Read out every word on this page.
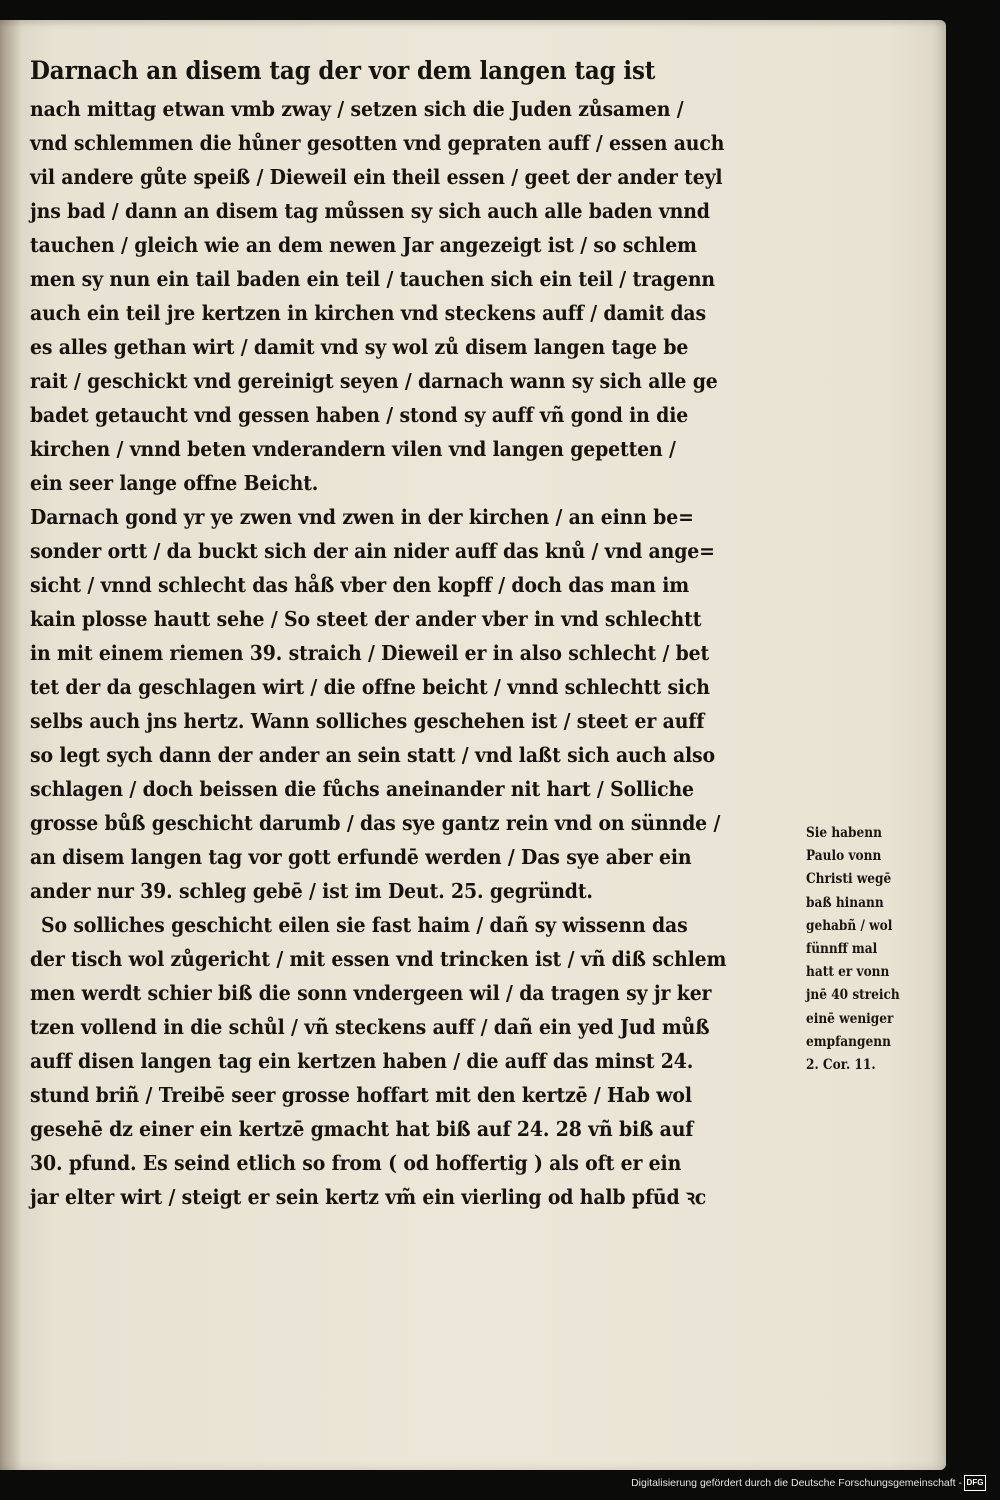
Darnach an disem tag der vor dem langen tag ist
nach mittag etwan vmb zway / setzen sich die Juden zůsamen /
vnd schlemmen die hůner gesotten vnd gepraten auff / essen auch
vil andere gůte speiß / Dieweil ein theil essen / geet der ander teyl
jns bad / dann an disem tag můssen sy sich auch alle baden vnnd
tauchen / gleich wie an dem newen Jar angezeigt ist / so schlem
men sy nun ein tail baden ein teil / tauchen sich ein teil / tragenn
auch ein teil jre kertzen in kirchen vnd steckens auff / damit das
es alles gethan wirt / damit vnd sy wol zů disem langen tage be
rait / geschickt vnd gereinigt seyen / darnach wann sy sich alle ge
badet getaucht vnd gessen haben / stond sy auff vñ gond in die
kirchen / vnnd beten vnderandern vilen vnd langen gepetten /
ein seer lange offne Beicht.
Darnach gond yr ye zwen vnd zwen in der kirchen / an einn be=
sonder ortt / da buckt sich der ain nider auff das knů / vnd ange=
sicht / vnnd schlecht das håß vber den kopff / doch das man im
kain plosse hautt sehe / So steet der ander vber in vnd schlechtt
in mit einem riemen 39. straich / Dieweil er in also schlecht / bet
tet der da geschlagen wirt / die offne beicht / vnnd schlechtt sich
selbs auch jns hertz. Wann solliches geschehen ist / steet er auff
so legt sych dann der ander an sein statt / vnd laßt sich auch also
schlagen / doch beissen die fůchs aneinander nit hart / Solliche
grosse bůß geschicht darumb / das sye gantz rein vnd on sünnde /
an disem langen tag vor gott erfundē werden / Das sye aber ein
ander nur 39. schleg gebē / ist im Deut. 25. gegründt.
So solliches geschicht eilen sie fast haim / dañ sy wissenn das
der tisch wol zůgericht / mit essen vnd trincken ist / vñ diß schlem
men werdt schier biß die sonn vndergeen wil / da tragen sy jr ker
tzen vollend in die schůl / vñ steckens auff / dañ ein yed Jud můß
auff disen langen tag ein kertzen haben / die auff das minst 24.
stund briñ / Treibē seer grosse hoffart mit den kertzē / Hab wol
gesehē dz einer ein kertzē gmacht hat biß auf 24. 28 vñ biß auf
30. pfund. Es seind etlich so from ( od hoffertig ) als oft er ein
jar elter wirt / steigt er sein kertz vm̃ ein vierling od halb pfūd ꝛc
Sie habenn
Paulo vonn
Christi wegē
baß hinann
gehabñ / wol
fünnff mal
hatt er vonn
jnē 40 streich
einē weniger
empfangenn
2. Cor. 11.
Digitalisierung gefördert durch die Deutsche Forschungsgemeinschaft - DFG
